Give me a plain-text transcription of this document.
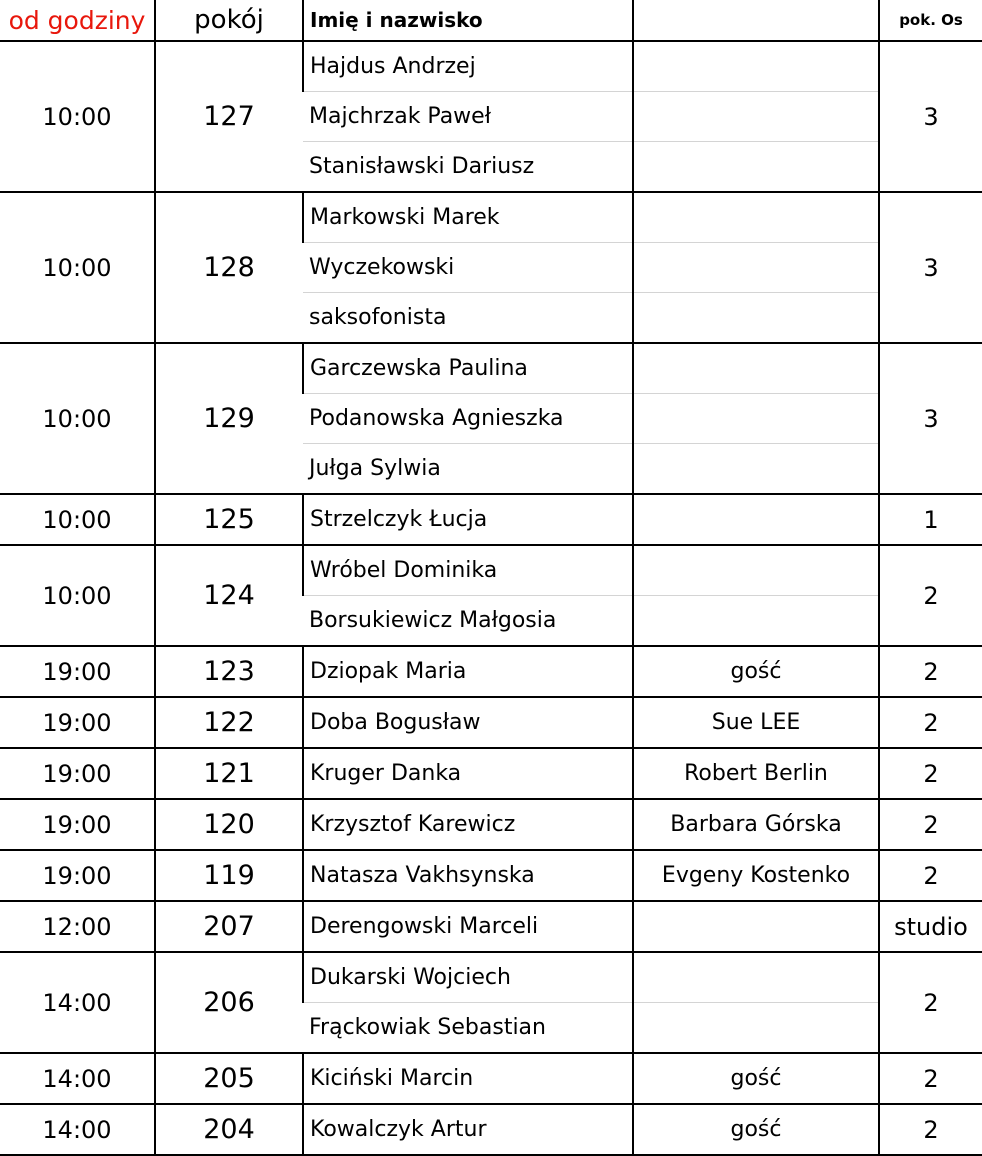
od godziny	pokój	Imię i nazwisko		pok. Os
10:00	127	Hajdus Andrzej		3
		Majchrzak Paweł		
		Stanisławski Dariusz		
10:00	128	Markowski Marek		3
		Wyczekowski		
		saksofonista		
10:00	129	Garczewska Paulina		3
		Podanowska Agnieszka		
		Jułga Sylwia		
10:00	125	Strzelczyk Łucja		1
10:00	124	Wróbel Dominika		2
		Borsukiewicz Małgosia		
19:00	123	Dziopak Maria	gość	2
19:00	122	Doba Bogusław	Sue LEE	2
19:00	121	Kruger Danka	Robert Berlin	2
19:00	120	Krzysztof Karewicz	Barbara Górska	2
19:00	119	Natasza Vakhsynska	Evgeny Kostenko	2
12:00	207	Derengowski Marceli		studio
14:00	206	Dukarski Wojciech		2
		Frąckowiak Sebastian		
14:00	205	Kiciński Marcin	gość	2
14:00	204	Kowalczyk Artur	gość	2
